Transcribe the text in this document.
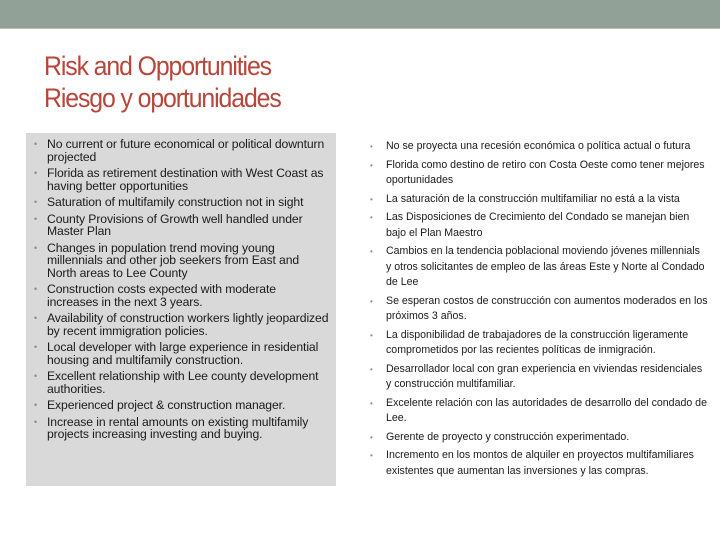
Risk and Opportunities
Riesgo y oportunidades
• No current or future economical or political downturn projected
• Florida as retirement destination with West Coast as having better opportunities
• Saturation of multifamily construction not in sight
• County Provisions of Growth well handled under Master Plan
• Changes in population trend moving young millennials and other job seekers from East and North areas to Lee County
• Construction costs expected with moderate increases in the next 3 years.
• Availability of construction workers lightly jeopardized by recent immigration policies.
• Local developer with large experience in residential housing and multifamily construction.
• Excellent relationship with Lee county development authorities.
• Experienced project & construction manager.
• Increase in rental amounts on existing multifamily projects increasing investing and buying.
• No se proyecta una recesión económica o política actual o futura
• Florida como destino de retiro con Costa Oeste como tener mejores oportunidades
• La saturación de la construcción multifamiliar no está a la vista
• Las Disposiciones de Crecimiento del Condado se manejan bien bajo el Plan Maestro
• Cambios en la tendencia poblacional moviendo jóvenes millennials y otros solicitantes de empleo de las áreas Este y Norte al Condado de Lee
• Se esperan costos de construcción con aumentos moderados en los próximos 3 años.
• La disponibilidad de trabajadores de la construcción ligeramente comprometidos por las recientes políticas de inmigración.
• Desarrollador local con gran experiencia en viviendas residenciales y construcción multifamiliar.
• Excelente relación con las autoridades de desarrollo del condado de Lee.
• Gerente de proyecto y construcción experimentado.
• Incremento en los montos de alquiler en proyectos multifamiliares existentes que aumentan las inversiones y las compras.
